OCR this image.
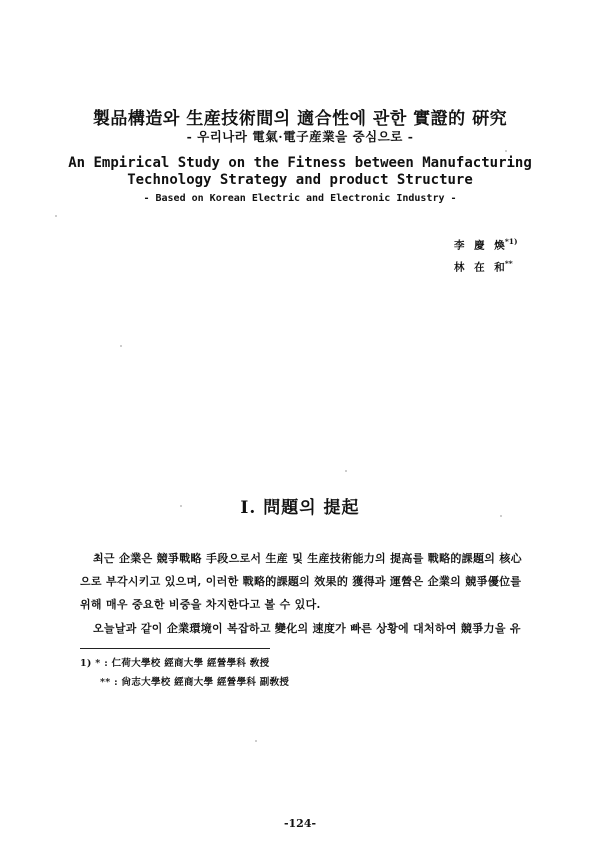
製品構造와 生産技術間의 適合性에 관한 實證的 硏究
- 우리나라 電氣·電子産業을 중심으로 -
An Empirical Study on the Fitness between Manufacturing
Technology Strategy and product Structure
- Based on Korean Electric and Electronic Industry -
李 慶 煥$^{*1)}$
林 在 和**
Ⅰ. 問題의 提起
최근 企業은 競爭戰略 手段으로서 生産 및 生産技術能力의 提高를 戰略的課題의 核心
으로 부각시키고 있으며, 이러한 戰略的課題의 效果的 獲得과 運營은 企業의 競爭優位를
위해 매우 중요한 비중을 차지한다고 볼 수 있다.
오늘날과 같이 企業環境이 복잡하고 變化의 速度가 빠른 상황에 대처하여 競爭力을 유
1) * : 仁荷大學校 經商大學 經營學科 敎授
** : 尙志大學校 經商大學 經營學科 副敎授
-124-
